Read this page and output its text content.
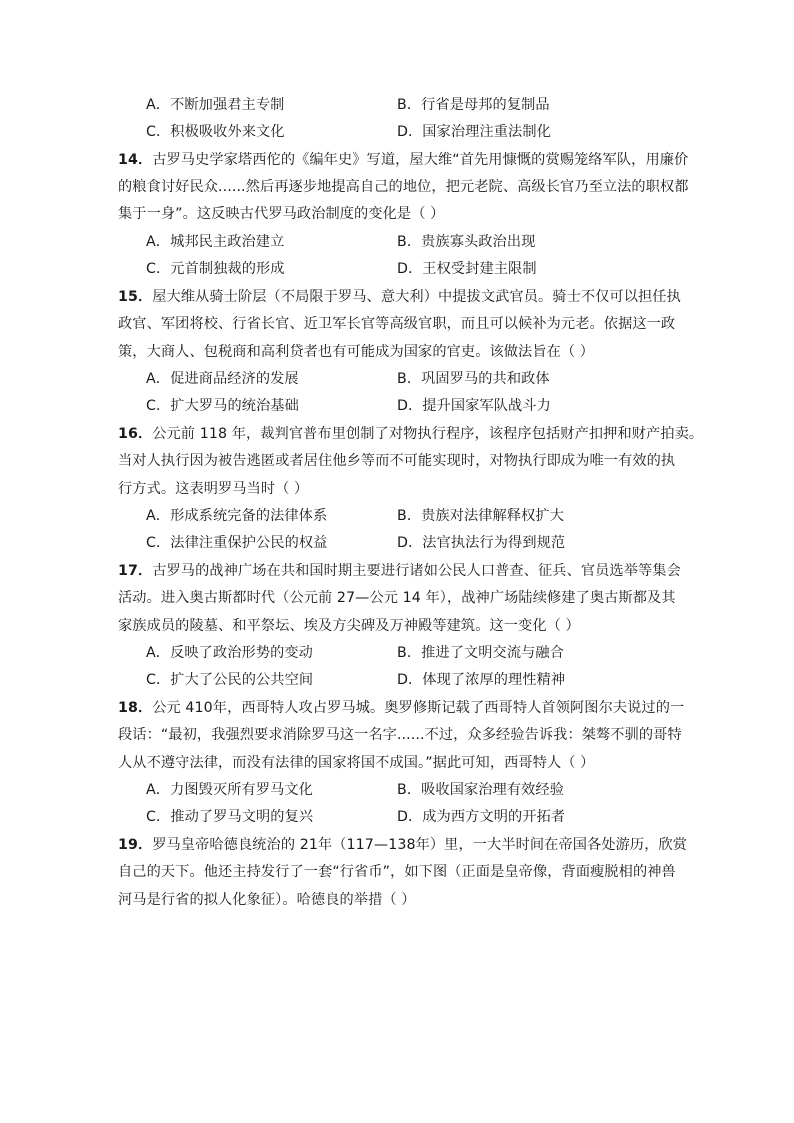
A．不断加强君主专制	B．行省是母邦的复制品
C．积极吸收外来文化	D．国家治理注重法制化
14．古罗马史学家塔西佗的《编年史》写道，屋大维“首先用慷慨的赏赐笼络军队，用廉价
的粮食讨好民众......然后再逐步地提高自己的地位，把元老院、高级长官乃至立法的职权都
集于一身”。这反映古代罗马政治制度的变化是（ ）
A．城邦民主政治建立	B．贵族寡头政治出现
C．元首制独裁的形成	D．王权受封建主限制
15．屋大维从骑士阶层（不局限于罗马、意大利）中提拔文武官员。骑士不仅可以担任执
政官、军团将校、行省长官、近卫军长官等高级官职，而且可以候补为元老。依据这一政
策，大商人、包税商和高利贷者也有可能成为国家的官吏。该做法旨在（ ）
A．促进商品经济的发展	B．巩固罗马的共和政体
C．扩大罗马的统治基础	D．提升国家军队战斗力
16．公元前 118 年，裁判官普布里创制了对物执行程序，该程序包括财产扣押和财产拍卖。
当对人执行因为被告逃匿或者居住他乡等而不可能实现时，对物执行即成为唯一有效的执
行方式。这表明罗马当时（ ）
A．形成系统完备的法律体系	B．贵族对法律解释权扩大
C．法律注重保护公民的权益	D．法官执法行为得到规范
17．古罗马的战神广场在共和国时期主要进行诸如公民人口普查、征兵、官员选举等集会
活动。进入奥古斯都时代（公元前 27—公元 14 年），战神广场陆续修建了奥古斯都及其
家族成员的陵墓、和平祭坛、埃及方尖碑及万神殿等建筑。这一变化（ ）
A．反映了政治形势的变动	B．推进了文明交流与融合
C．扩大了公民的公共空间	D．体现了浓厚的理性精神
18．公元 410年，西哥特人攻占罗马城。奥罗修斯记载了西哥特人首领阿图尔夫说过的一
段话：“最初，我强烈要求消除罗马这一名字......不过，众多经验告诉我：桀骜不驯的哥特
人从不遵守法律，而没有法律的国家将国不成国。”据此可知，西哥特人（ ）
A．力图毁灭所有罗马文化	B．吸收国家治理有效经验
C．推动了罗马文明的复兴	D．成为西方文明的开拓者
19．罗马皇帝哈德良统治的 21年（117—138年）里，一大半时间在帝国各处游历，欣赏
自己的天下。他还主持发行了一套“行省币”，如下图（正面是皇帝像，背面瘦脱相的神兽
河马是行省的拟人化象征）。哈德良的举措（ ）
